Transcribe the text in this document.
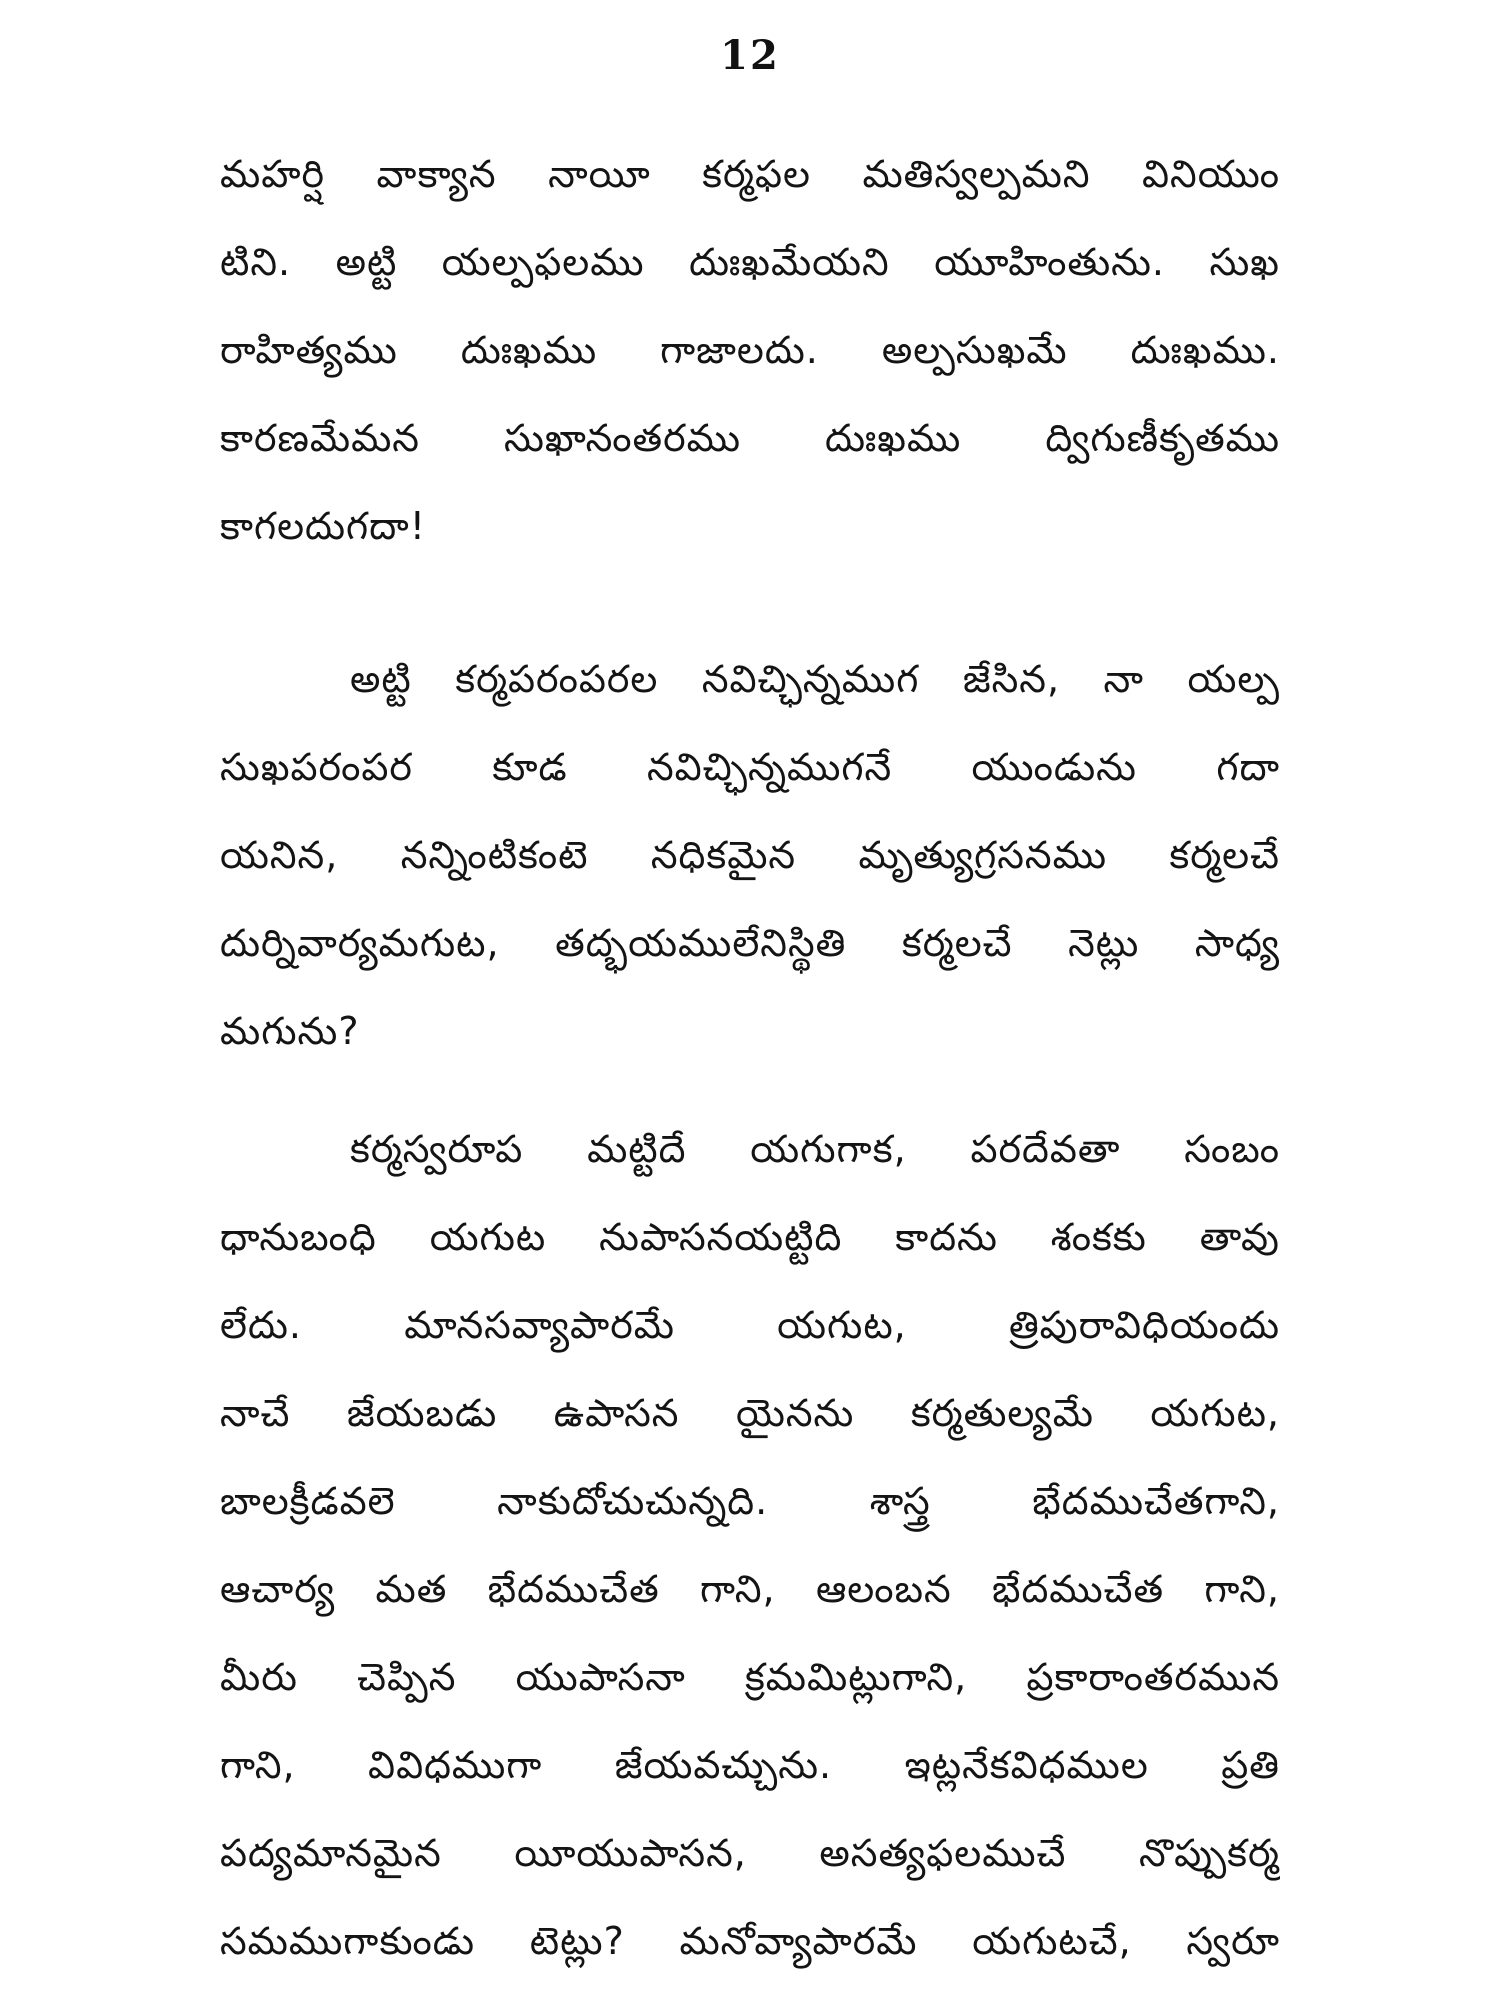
12
మహర్షి వాక్యాన నాయీ కర్మఫల మతిస్వల్పమని వినియుం
టిని. అట్టి యల్పఫలము దుఃఖమేయని యూహింతును. సుఖ
రాహిత్యము దుఃఖము గాజాలదు. అల్పసుఖమే దుఃఖము.
కారణమేమన సుఖానంతరము దుఃఖము ద్విగుణీకృతము
కాగలదుగదా!
అట్టి కర్మపరంపరల నవిచ్ఛిన్నముగ జేసిన, నా యల్ప
సుఖపరంపర కూడ నవిచ్ఛిన్నముగనే యుండును గదా
యనిన, నన్నింటికంటె నధికమైన మృత్యుగ్రసనము కర్మలచే
దుర్నివార్యమగుట, తద్భయములేనిస్థితి కర్మలచే నెట్లు సాధ్య
మగును?
కర్మస్వరూప మట్టిదే యగుగాక, పరదేవతా సంబం
ధానుబంధి యగుట నుపాసనయట్టిది కాదను శంకకు తావు
లేదు. మానసవ్యాపారమే యగుట, త్రిపురావిధియందు
నాచే జేయబడు ఉపాసన యైనను కర్మతుల్యమే యగుట,
బాలక్రీడవలె నాకుదోచుచున్నది. శాస్త్ర భేదముచేతగాని,
ఆచార్య మత భేదముచేత గాని, ఆలంబన భేదముచేత గాని,
మీరు చెప్పిన యుపాసనా క్రమమిట్లుగాని, ప్రకారాంతరమున
గాని, వివిధముగా జేయవచ్చును. ఇట్లనేకవిధముల ప్రతి
పద్యమానమైన యీయుపాసన, అసత్యఫలముచే నొప్పుకర్మ
సమముగాకుండు టెట్లు? మనోవ్యాపారమే యగుటచే, స్వరూ
